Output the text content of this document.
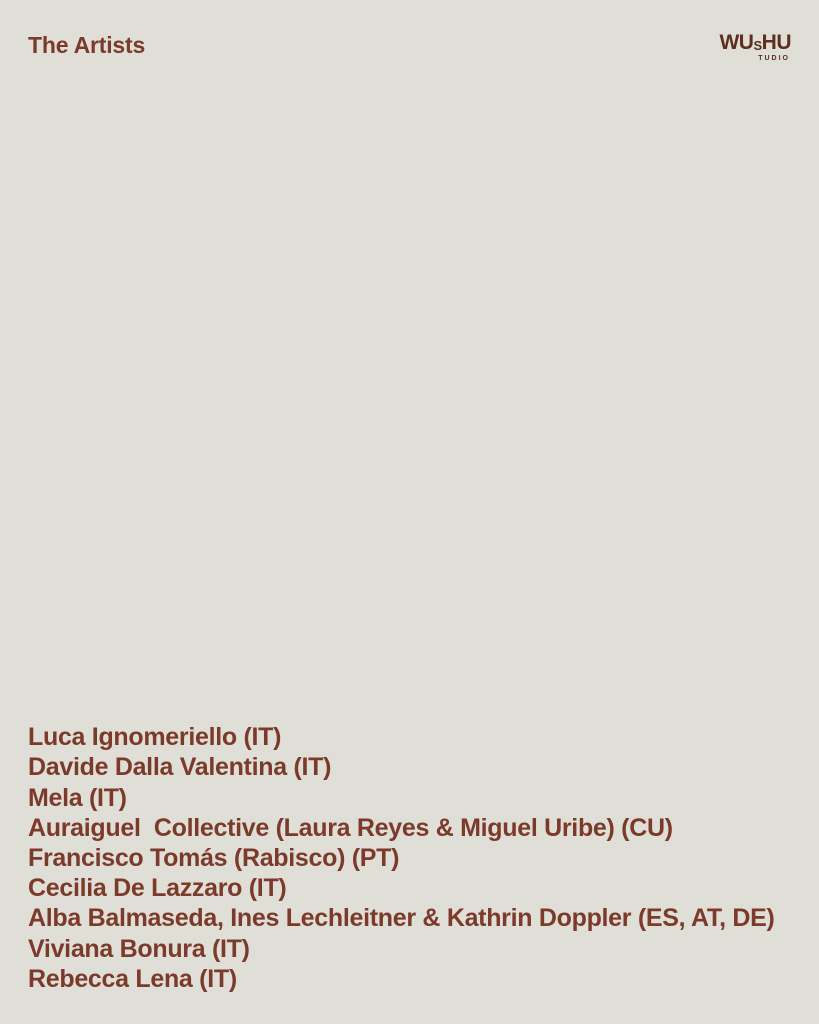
The Artists	WUSHU
TUDIO
Luca Ignomeriello (IT)
Davide Dalla Valentina (IT)
Mela (IT)
Auraiguel  Collective (Laura Reyes & Miguel Uribe) (CU)
Francisco Tomás (Rabisco) (PT)
Cecilia De Lazzaro (IT)
Alba Balmaseda, Ines Lechleitner & Kathrin Doppler (ES, AT, DE)
Viviana Bonura (IT)
Rebecca Lena (IT)
